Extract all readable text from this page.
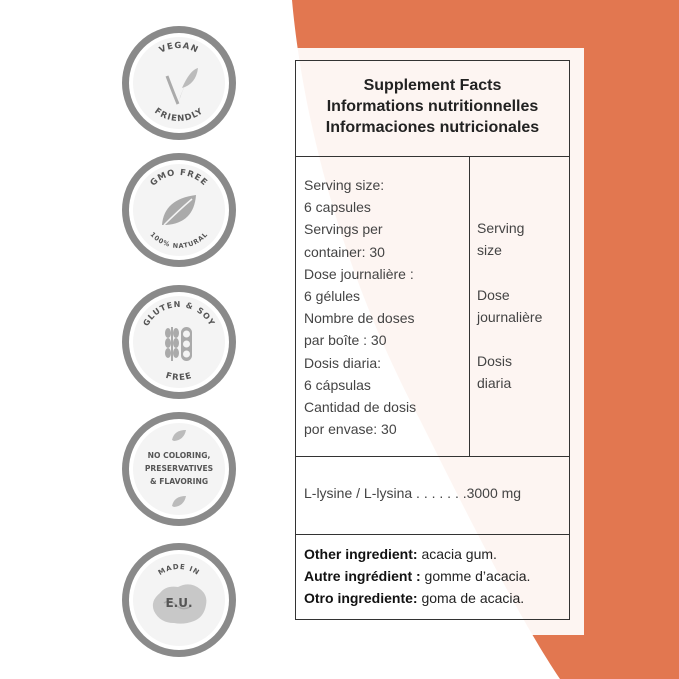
VEGAN
FRIENDLY
GMO FREE
100% NATURAL
GLUTEN & SOY
FREE
NO COLORING,
PRESERVATIVES
& FLAVORING
MADE IN
E.U.
Supplement Facts
Informations nutritionnelles
Informaciones nutricionales
Serving size:
6 capsules
Servings per
container: 30
Dose journalière :
6 gélules
Nombre de doses
par boîte : 30
Dosis diaria:
6 cápsulas
Cantidad de dosis
por envase: 30
Serving
size
Dose
journalière
Dosis
diaria
L-lysine / L-lysina . . . . . . .3000 mg
Other ingredient: acacia gum.
Autre ingrédient : gomme d’acacia.
Otro ingrediente: goma de acacia.
